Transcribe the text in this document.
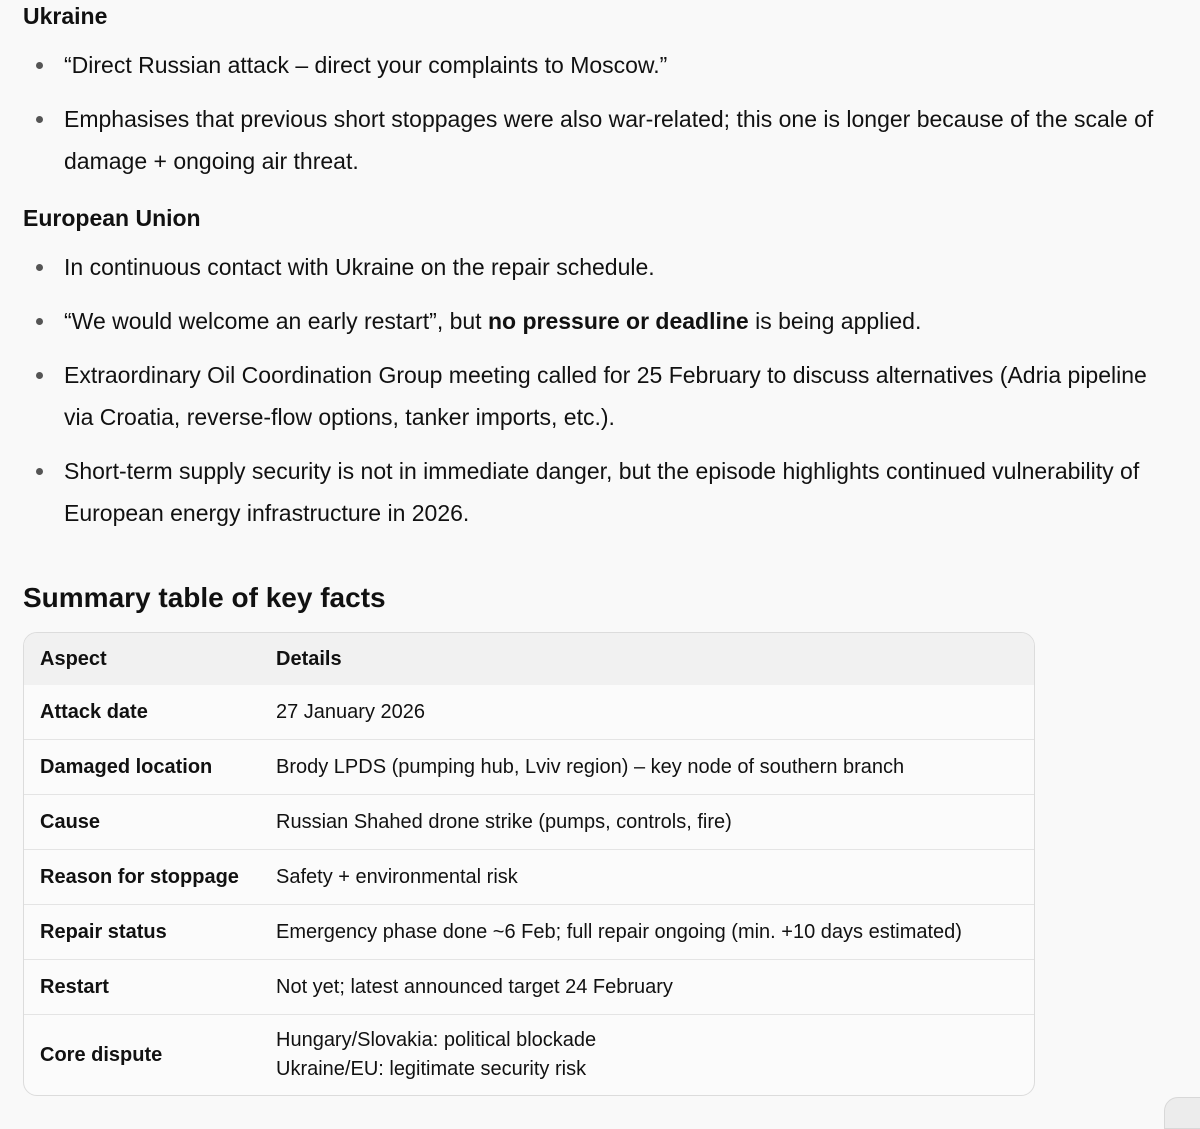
Ukraine
“Direct Russian attack – direct your complaints to Moscow.”
Emphasises that previous short stoppages were also war-related; this one is longer because of the scale of damage + ongoing air threat.
European Union
In continuous contact with Ukraine on the repair schedule.
“We would welcome an early restart”, but no pressure or deadline is being applied.
Extraordinary Oil Coordination Group meeting called for 25 February to discuss alternatives (Adria pipeline via Croatia, reverse-flow options, tanker imports, etc.).
Short-term supply security is not in immediate danger, but the episode highlights continued vulnerability of European energy infrastructure in 2026.
Summary table of key facts
Aspect	Details
Attack date	27 January 2026
Damaged location	Brody LPDS (pumping hub, Lviv region) – key node of southern branch
Cause	Russian Shahed drone strike (pumps, controls, fire)
Reason for stoppage	Safety + environmental risk
Repair status	Emergency phase done ~6 Feb; full repair ongoing (min. +10 days estimated)
Restart	Not yet; latest announced target 24 February
Core dispute	Hungary/Slovakia: political blockade
Ukraine/EU: legitimate security risk
